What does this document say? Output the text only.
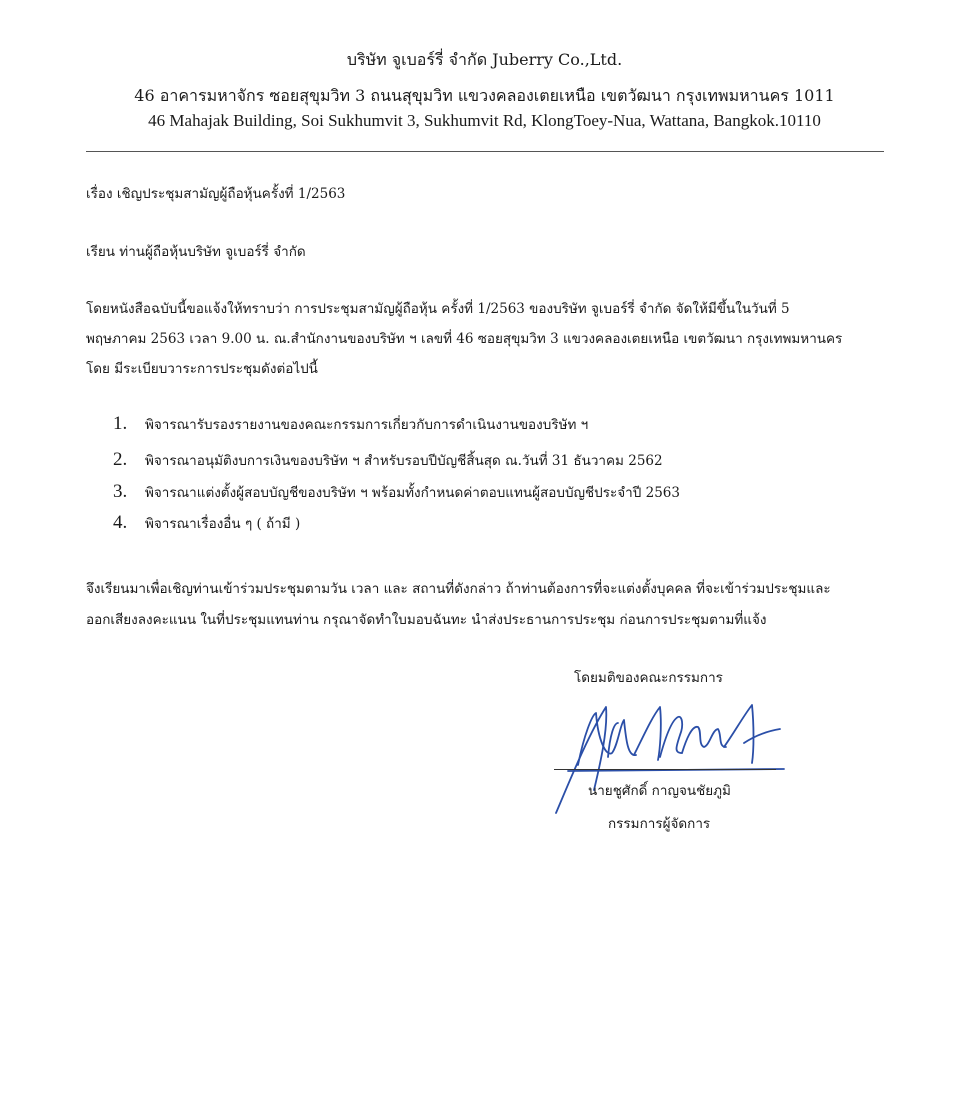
บริษัท จูเบอร์รี่ จำกัด Juberry Co.,Ltd.
46 อาคารมหาจักร ซอยสุขุมวิท 3 ถนนสุขุมวิท แขวงคลองเตยเหนือ เขตวัฒนา กรุงเทพมหานคร 1011
46 Mahajak Building, Soi Sukhumvit 3, Sukhumvit Rd, KlongToey-Nua, Wattana, Bangkok.10110
เรื่อง เชิญประชุมสามัญผู้ถือหุ้นครั้งที่ 1/2563
เรียน ท่านผู้ถือหุ้นบริษัท จูเบอร์รี่ จำกัด
โดยหนังสือฉบับนี้ขอแจ้งให้ทราบว่า การประชุมสามัญผู้ถือหุ้น ครั้งที่ 1/2563 ของบริษัท จูเบอร์รี่ จำกัด จัดให้มีขึ้นในวันที่ 5
พฤษภาคม 2563 เวลา 9.00 น. ณ.สำนักงานของบริษัท ฯ เลขที่ 46 ซอยสุขุมวิท 3 แขวงคลองเตยเหนือ เขตวัฒนา กรุงเทพมหานคร
โดย มีระเบียบวาระการประชุมดังต่อไปนี้
1. พิจารณารับรองรายงานของคณะกรรมการเกี่ยวกับการดำเนินงานของบริษัท ฯ
2. พิจารณาอนุมัติงบการเงินของบริษัท ฯ สำหรับรอบปีบัญชีสิ้นสุด ณ.วันที่ 31 ธันวาคม 2562
3. พิจารณาแต่งตั้งผู้สอบบัญชีของบริษัท ฯ พร้อมทั้งกำหนดค่าตอบแทนผู้สอบบัญชีประจำปี 2563
4. พิจารณาเรื่องอื่น ๆ ( ถ้ามี )
จึงเรียนมาเพื่อเชิญท่านเข้าร่วมประชุมตามวัน เวลา และ สถานที่ดังกล่าว ถ้าท่านต้องการที่จะแต่งตั้งบุคคล ที่จะเข้าร่วมประชุมและ
ออกเสียงลงคะแนน ในที่ประชุมแทนท่าน กรุณาจัดทำใบมอบฉันทะ นำส่งประธานการประชุม ก่อนการประชุมตามที่แจ้ง
โดยมติของคณะกรรมการ
นายชูศักดิ์ กาญจนชัยภูมิ
กรรมการผู้จัดการ
